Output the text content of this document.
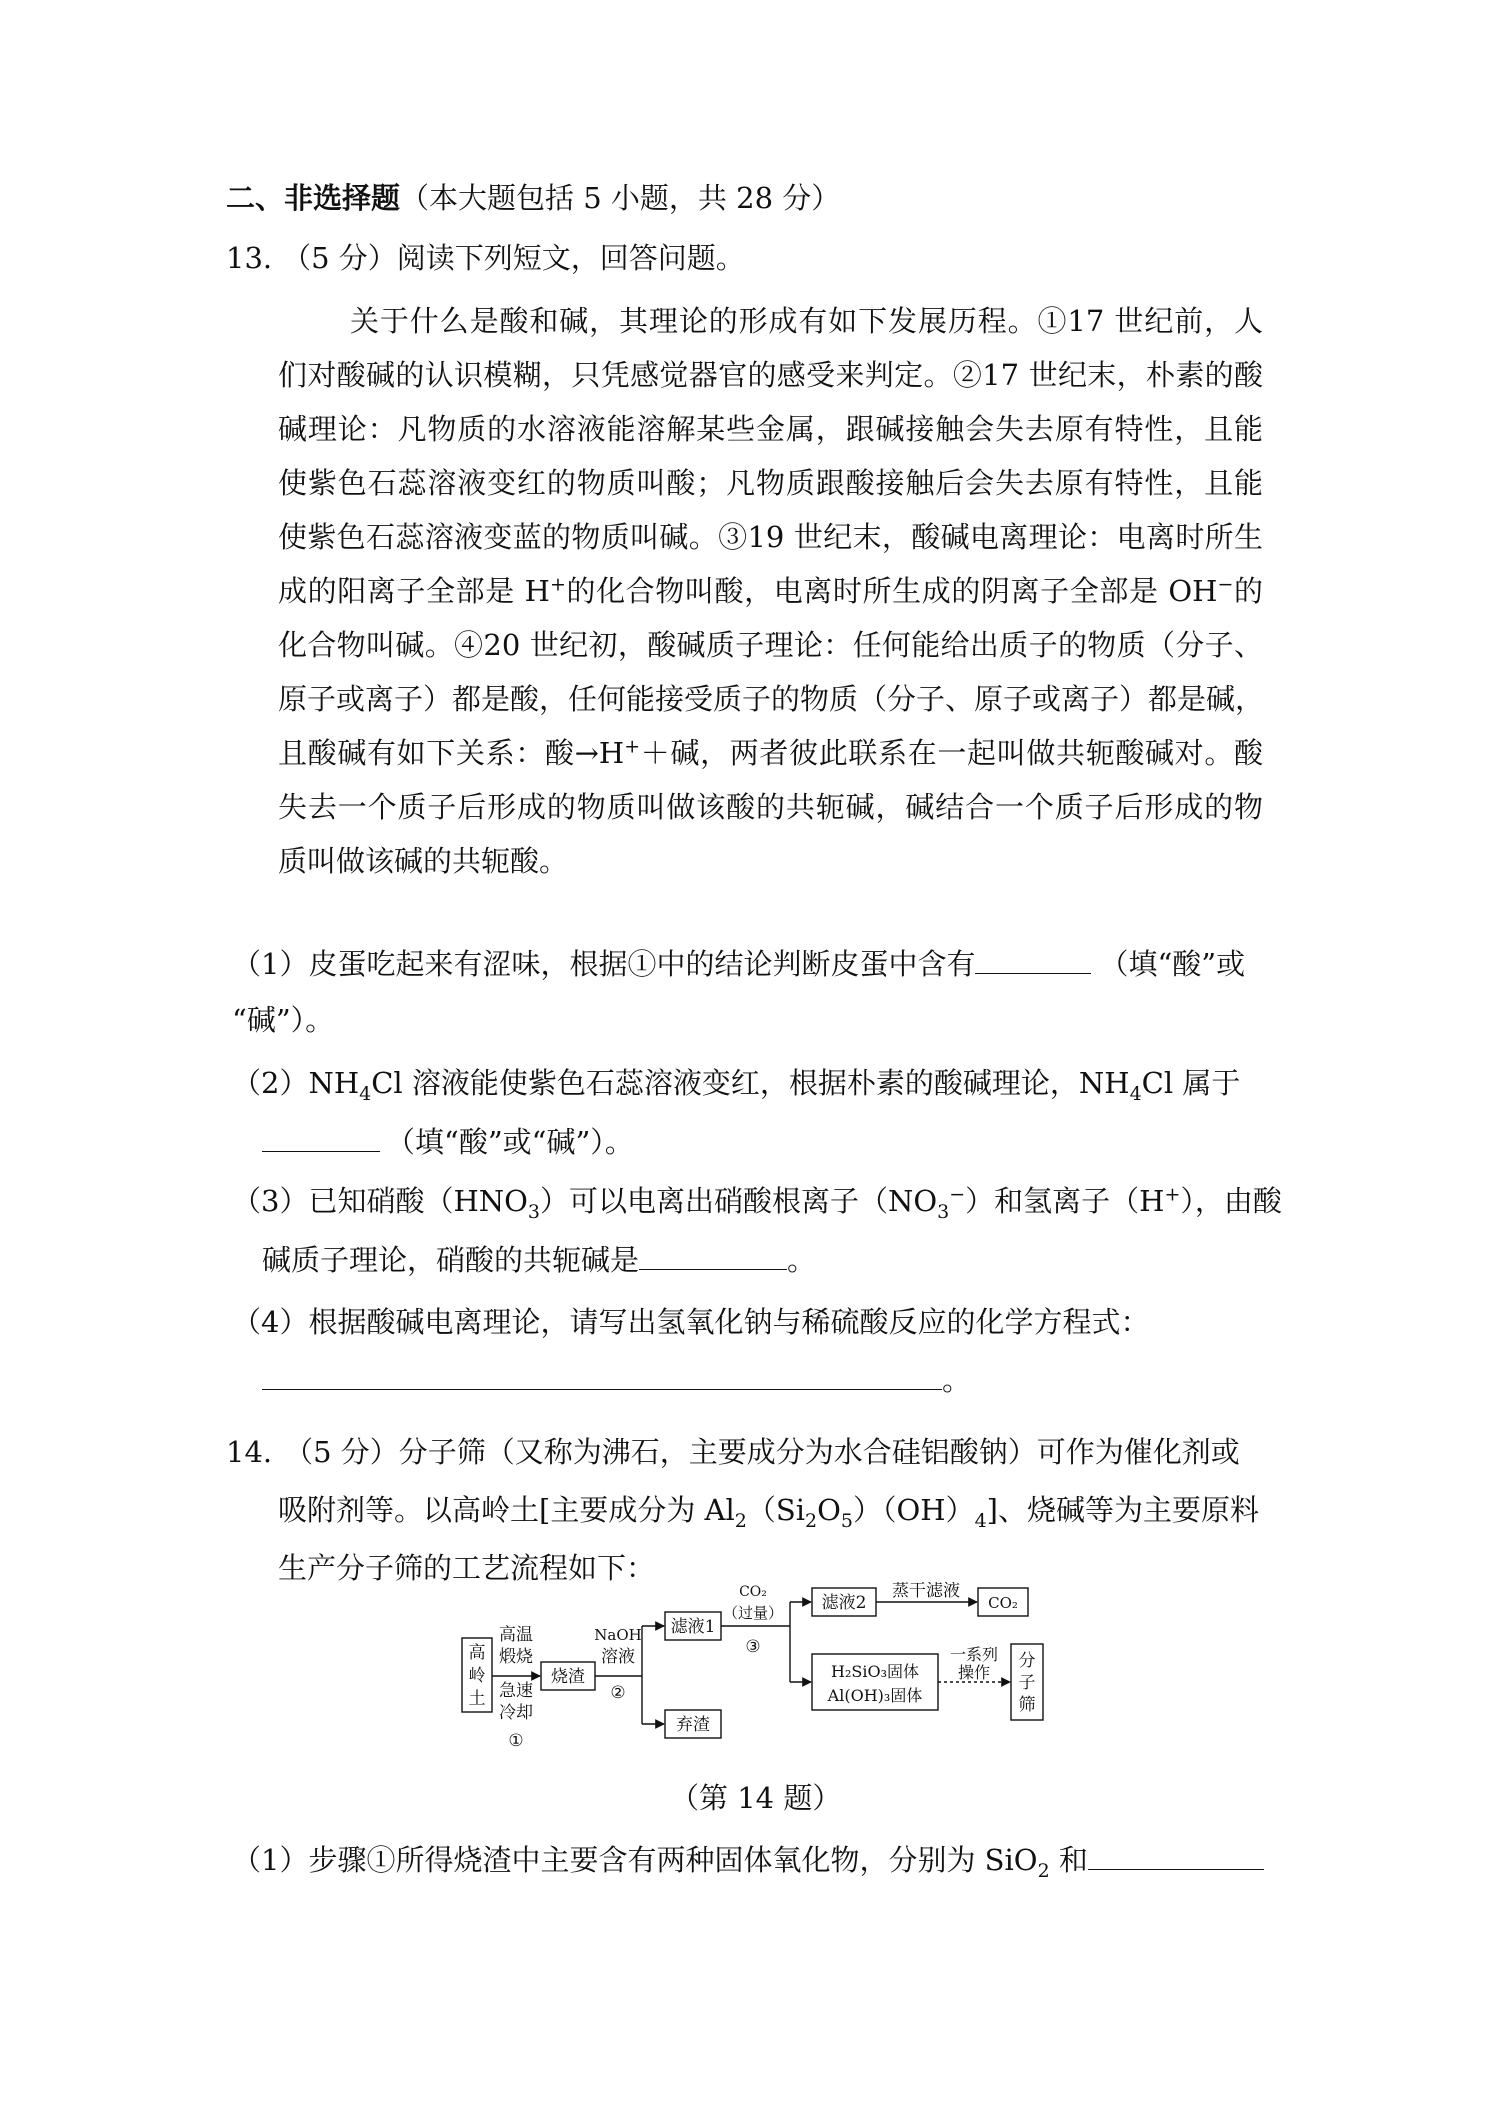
二、非选择题（本大题包括 5 小题，共 28 分）
13. （5 分）阅读下列短文，回答问题。
关于什么是酸和碱，其理论的形成有如下发展历程。①17 世纪前，人
们对酸碱的认识模糊，只凭感觉器官的感受来判定。②17 世纪末，朴素的酸
碱理论：凡物质的水溶液能溶解某些金属，跟碱接触会失去原有特性，且能
使紫色石蕊溶液变红的物质叫酸；凡物质跟酸接触后会失去原有特性，且能
使紫色石蕊溶液变蓝的物质叫碱。③19 世纪末，酸碱电离理论：电离时所生
成的阳离子全部是 H+的化合物叫酸，电离时所生成的阴离子全部是 OH−的
化合物叫碱。④20 世纪初，酸碱质子理论：任何能给出质子的物质（分子、
原子或离子）都是酸，任何能接受质子的物质（分子、原子或离子）都是碱，
且酸碱有如下关系：酸→H+＋碱，两者彼此联系在一起叫做共轭酸碱对。酸
失去一个质子后形成的物质叫做该酸的共轭碱，碱结合一个质子后形成的物
质叫做该碱的共轭酸。
（1）皮蛋吃起来有涩味，根据①中的结论判断皮蛋中含有	（填“酸”或
“碱”）。
$(2)NH_4Cl$ 溶液能使紫色石蕊溶液变红，根据朴素的酸碱理论，$NH_4Cl$ 属于
（填“酸”或“碱”）。
（3）已知硝酸$(HNO_3)$可以电离出硝酸根离子$(NO_3^-)$和氢离子（H+），由酸
碱质子理论，硝酸的共轭碱是	。
（4）根据酸碱电离理论，请写出氢氧化钠与稀硫酸反应的化学方程式：
。
14. （5 分）分子筛（又称为沸石，主要成分为水合硅铝酸钠）可作为催化剂或
吸附剂等。以高岭土[主要成分为 $Al_2(Si_2O_5)(OH)_4$]、烧碱等为主要原料
生产分子筛的工艺流程如下：
高
岭
土
高温
煅烧
急速
冷却
①
烧渣
NaOH
溶液
②
滤液1
弃渣
CO₂
（过量）
③
滤液2
蒸干滤液
CO₂
H₂SiO₃固体
Al(OH)₃固体
一系列
操作
分
子
筛
（第 14 题）
（1）步骤①所得烧渣中主要含有两种固体氧化物，分别为 SiO$_2$ 和
